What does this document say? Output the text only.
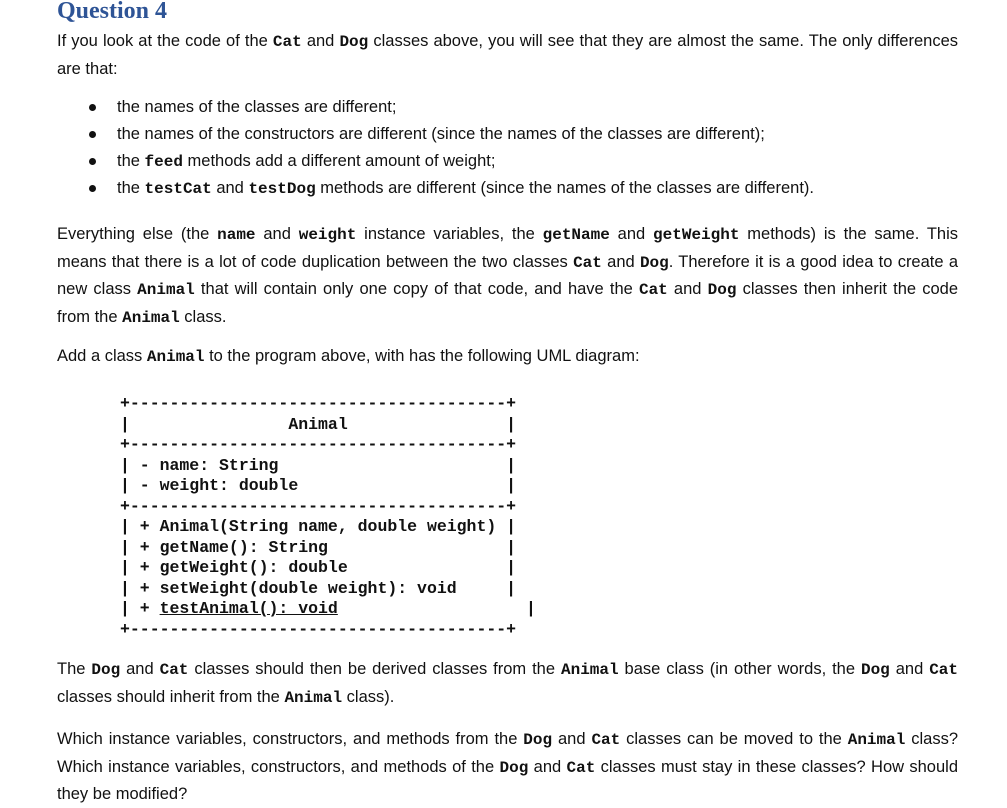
Question 4

If you look at the code of the Cat and Dog classes above, you will see that they are almost the same. The only differences are that:

the names of the classes are different;
the names of the constructors are different (since the names of the classes are different);
the feed methods add a different amount of weight;
the testCat and testDog methods are different (since the names of the classes are different).

Everything else (the name and weight instance variables, the getName and getWeight methods) is the same. This means that there is a lot of code duplication between the two classes Cat and Dog. Therefore it is a good idea to create a new class Animal that will contain only one copy of that code, and have the Cat and Dog classes then inherit the code from the Animal class.

Add a class Animal to the program above, with has the following UML diagram:

+--------------------------------------+
|                Animal                |
+--------------------------------------+
| - name: String                       |
| - weight: double                     |
+--------------------------------------+
| + Animal(String name, double weight) |
| + getName(): String                  |
| + getWeight(): double                |
| + setWeight(double weight): void     |
| + testAnimal(): void                   |
+--------------------------------------+

The Dog and Cat classes should then be derived classes from the Animal base class (in other words, the Dog and Cat classes should inherit from the Animal class).

Which instance variables, constructors, and methods from the Dog and Cat classes can be moved to the Animal class? Which instance variables, constructors, and methods of the Dog and Cat classes must stay in these classes? How should they be modified?
